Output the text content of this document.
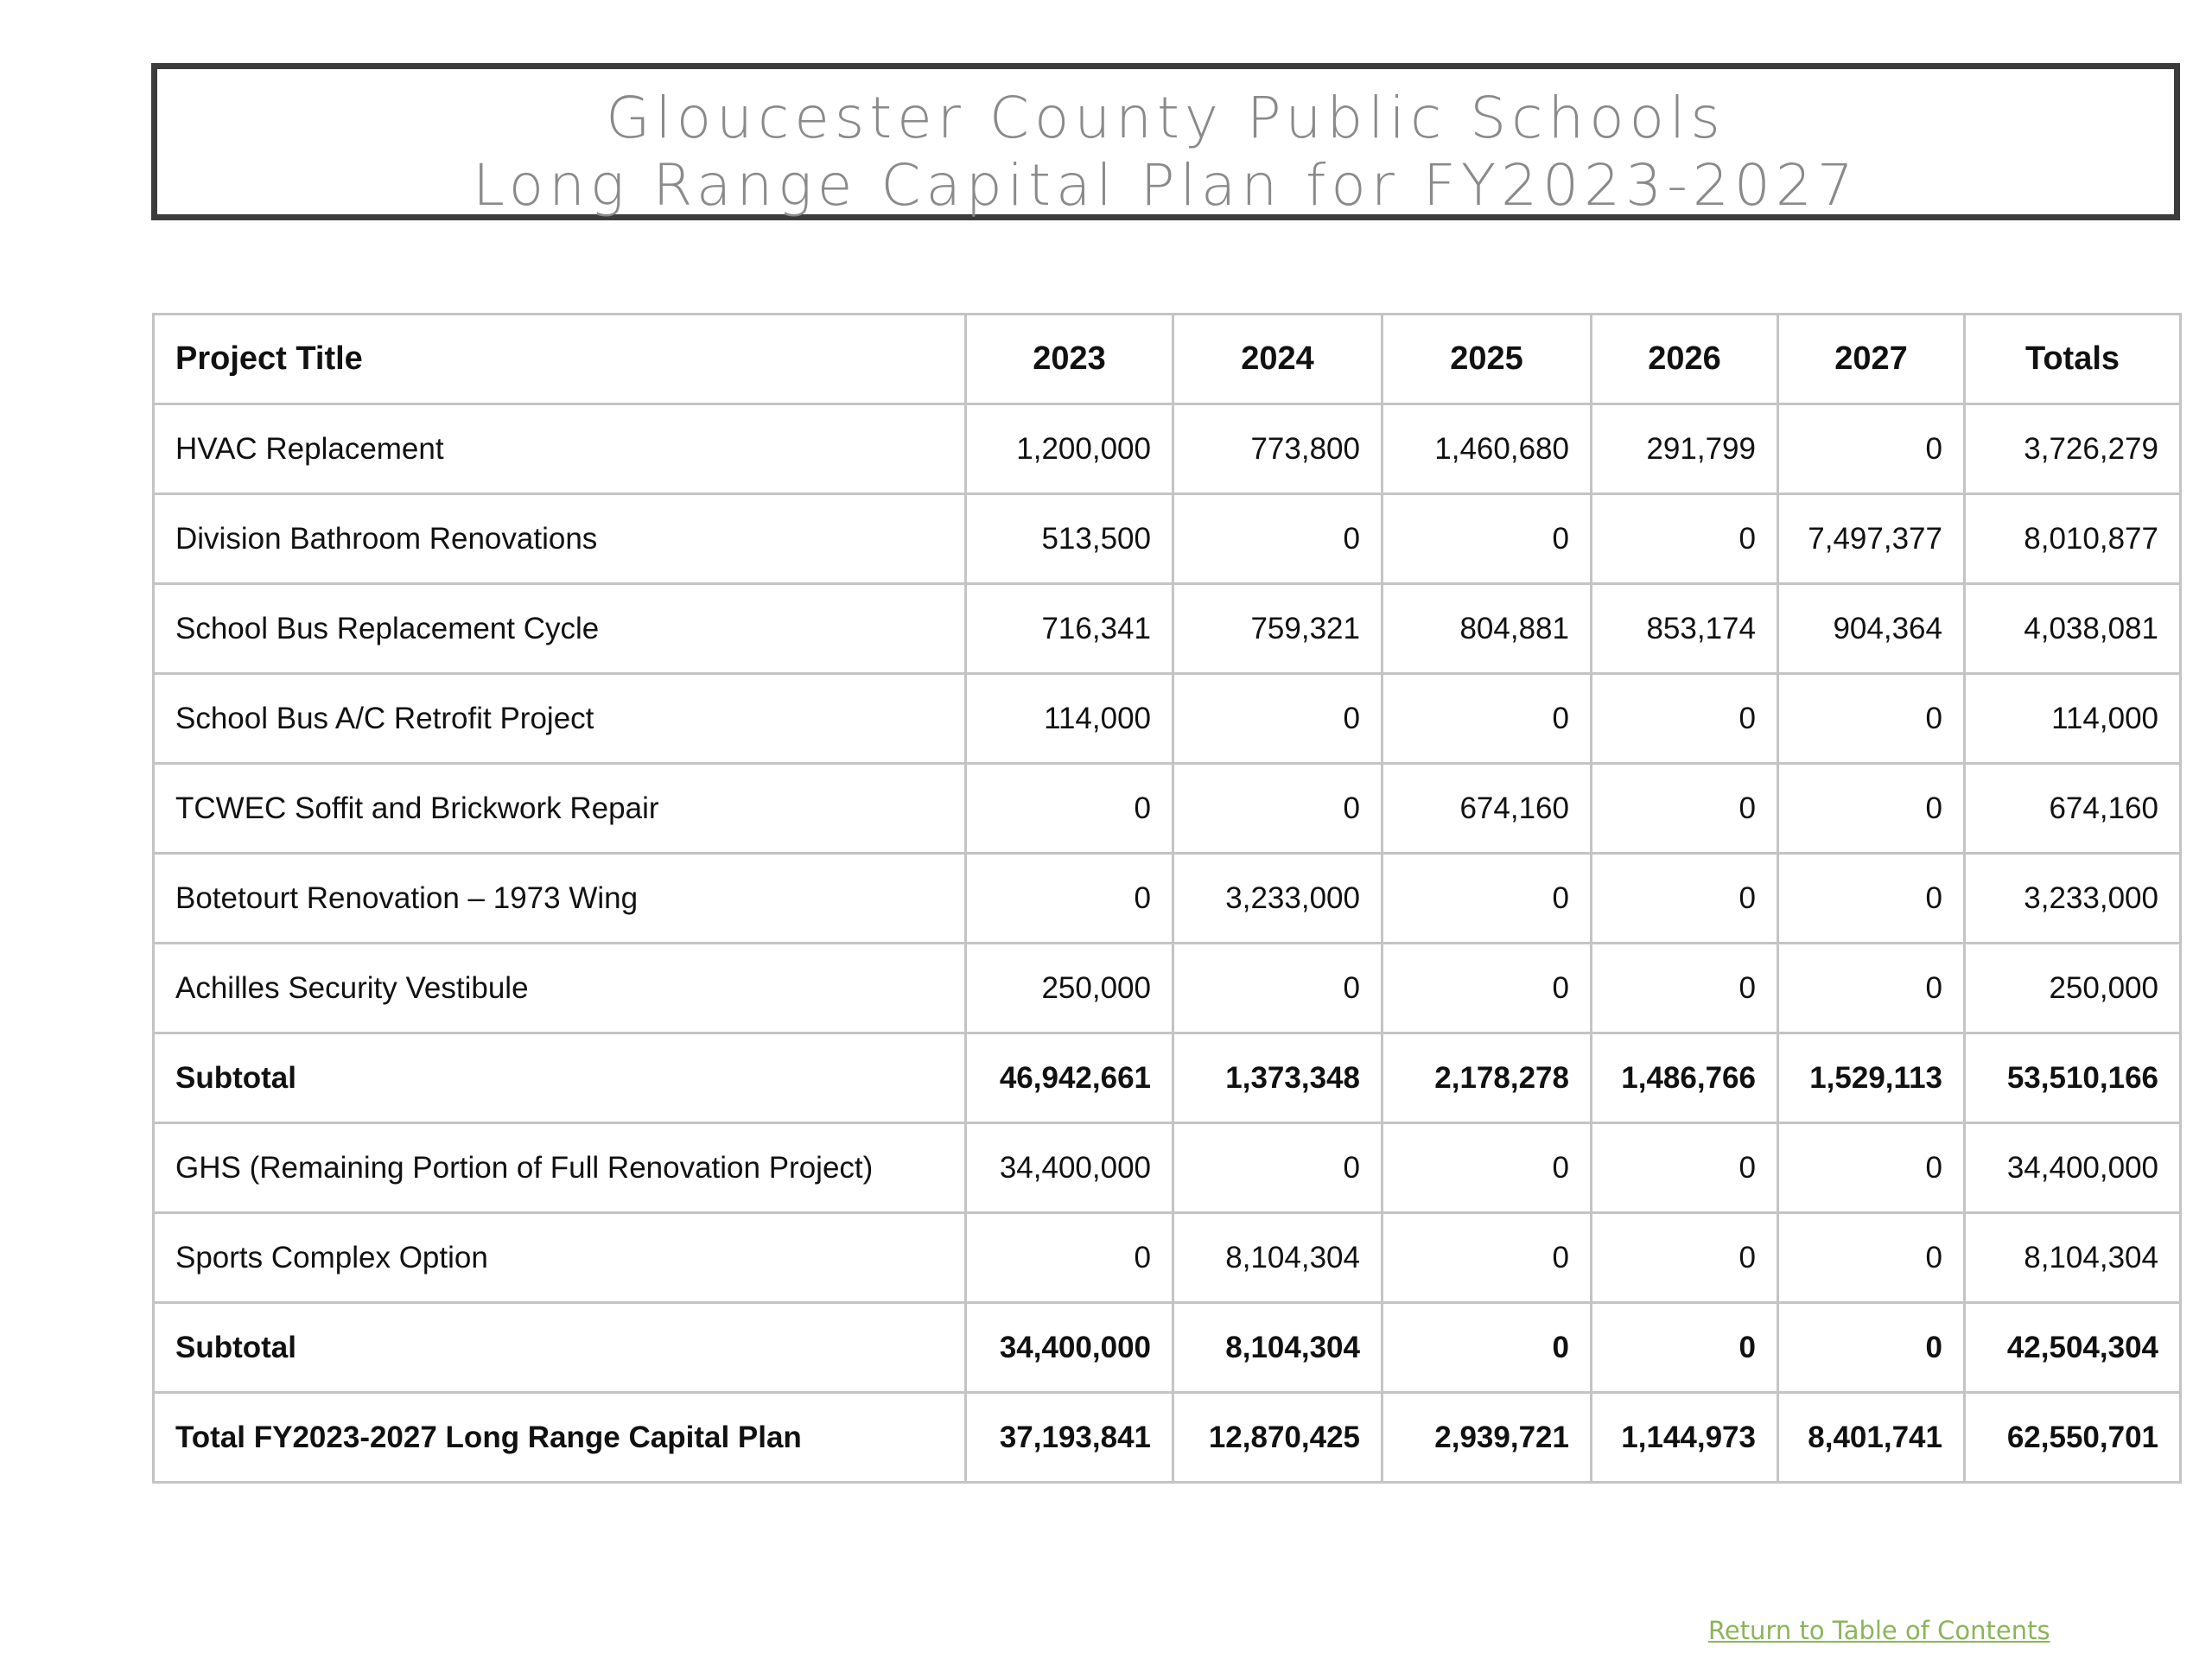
Gloucester County Public Schools
Long Range Capital Plan for FY2023-2027
Project Title	2023	2024	2025	2026	2027	Totals
HVAC Replacement	1,200,000	773,800	1,460,680	291,799	0	3,726,279
Division Bathroom Renovations	513,500	0	0	0	7,497,377	8,010,877
School Bus Replacement Cycle	716,341	759,321	804,881	853,174	904,364	4,038,081
School Bus A/C Retrofit Project	114,000	0	0	0	0	114,000
TCWEC Soffit and Brickwork Repair	0	0	674,160	0	0	674,160
Botetourt Renovation – 1973 Wing	0	3,233,000	0	0	0	3,233,000
Achilles Security Vestibule	250,000	0	0	0	0	250,000
Subtotal	46,942,661	1,373,348	2,178,278	1,486,766	1,529,113	53,510,166
GHS (Remaining Portion of Full Renovation Project)	34,400,000	0	0	0	0	34,400,000
Sports Complex Option	0	8,104,304	0	0	0	8,104,304
Subtotal	34,400,000	8,104,304	0	0	0	42,504,304
Total FY2023-2027 Long Range Capital Plan	37,193,841	12,870,425	2,939,721	1,144,973	8,401,741	62,550,701
Return to Table of Contents
